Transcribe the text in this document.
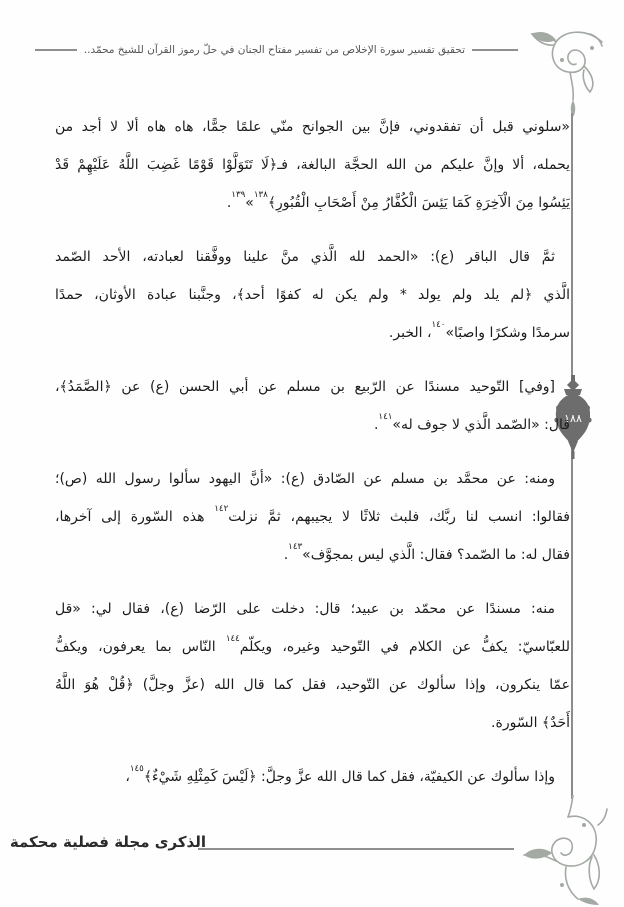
تحقيق تفسير سورة الإخلاص من تفسير مفتاح الجنان في حلّ رموز القرآن للشيخ محمّد..
١٨٨
«سلوني قبل أن تفقدوني، فإنَّ بين الجوانح منّي علمًا جمًّا، هاه هاه ألا لا أجد من
يحمله، ألا وإنَّ عليكم من الله الحجَّة البالغة، فـ﴿لَا تَتَوَلَّوْا قَوْمًا غَضِبَ اللَّهُ عَلَيْهِمْ قَدْ
يَئِسُوا مِنَ الْآخِرَةِ كَمَا يَئِسَ الْكُفَّارُ مِنْ أَصْحَابِ الْقُبُورِ﴾$^{١٣٨}$»$^{١٣٩}$.
ثمَّ قال الباقر (ع): «الحمد لله الَّذي منَّ علينا ووفَّقنا لعبادته، الأحد الصّمد
الَّذي ﴿لم يلد ولم يولد * ولم يكن له كفوًا أحد﴾، وجنَّبنا عبادة الأوثان، حمدًا
سرمدًا وشكرًا واصبًا»$^{١٤٠}$، الخبر.
[وفي] التّوحيد مسندًا عن الرّبيع بن مسلم عن أبي الحسن (ع) عن ﴿الصَّمَدُ﴾،
قال: «الصّمد الَّذي لا جوف له»$^{١٤١}$.
ومنه: عن محمَّد بن مسلم عن الصّادق (ع): «أنَّ اليهود سألوا رسول الله (ص)؛
فقالوا: انسب لنا ربَّك، فلبث ثلاثًا لا يجيبهم، ثمَّ نزلت$^{١٤٢}$ هذه السّورة إلى آخرها،
فقال له: ما الصّمد؟ فقال: الَّذي ليس بمجوَّف»$^{١٤٣}$.
منه: مسندًا عن محمّد بن عبيد؛ قال: دخلت على الرّضا (ع)، فقال لي: «قل
للعبّاسيّ: يكفُّ عن الكلام في التّوحيد وغيره، ويكلّم$^{١٤٤}$ النّاس بما يعرفون، ويكفُّ
عمّا ينكرون، وإذا سألوك عن التّوحيد، فقل كما قال الله (عزَّ وجلَّ) ﴿قُلْ هُوَ اللَّهُ
أَحَدٌ﴾ السّورة.
وإذا سألوك عن الكيفيّة، فقل كما قال الله عزَّ وجلَّ: ﴿لَيْسَ كَمِثْلِهِ شَيْءٌ﴾$^{١٤٥}$،
الذكرى مجلة فصلية محكمة
